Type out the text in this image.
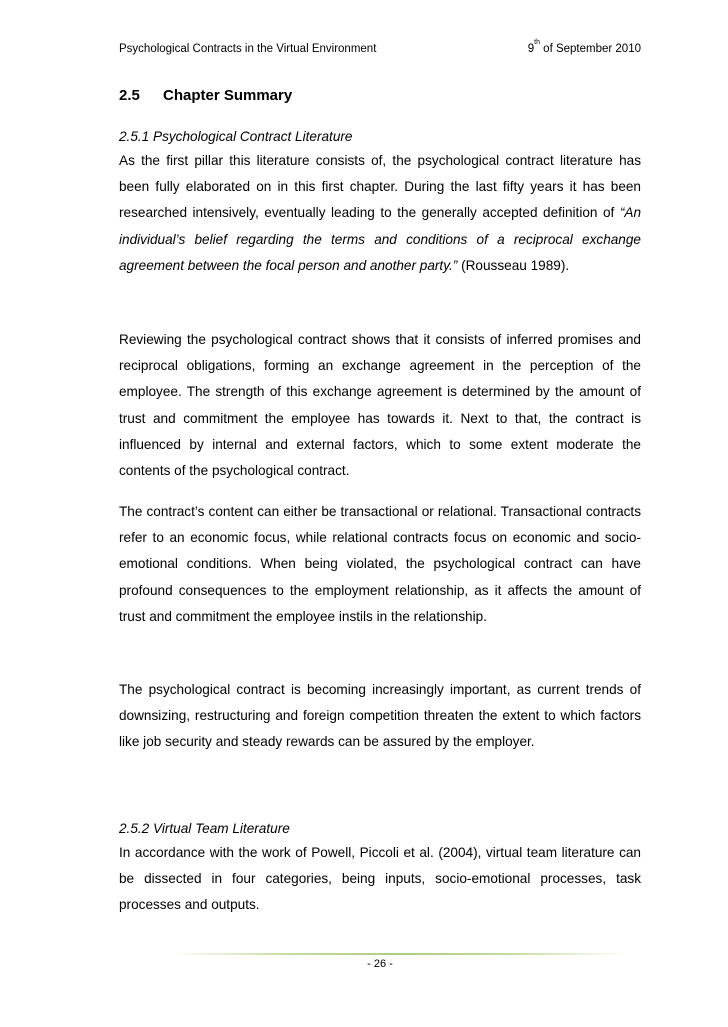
Psychological Contracts in the Virtual Environment	9th of September 2010
2.5 Chapter Summary
2.5.1 Psychological Contract Literature

As the first pillar this literature consists of, the psychological contract literature has been fully elaborated on in this first chapter. During the last fifty years it has been researched intensively, eventually leading to the generally accepted definition of “An individual’s belief regarding the terms and conditions of a reciprocal exchange agreement between the focal person and another party.” (Rousseau 1989).

Reviewing the psychological contract shows that it consists of inferred promises and reciprocal obligations, forming an exchange agreement in the perception of the employee. The strength of this exchange agreement is determined by the amount of trust and commitment the employee has towards it. Next to that, the contract is influenced by internal and external factors, which to some extent moderate the contents of the psychological contract.

The contract’s content can either be transactional or relational. Transactional contracts refer to an economic focus, while relational contracts focus on economic and socio-emotional conditions. When being violated, the psychological contract can have profound consequences to the employment relationship, as it affects the amount of trust and commitment the employee instils in the relationship.

The psychological contract is becoming increasingly important, as current trends of downsizing, restructuring and foreign competition threaten the extent to which factors like job security and steady rewards can be assured by the employer.

2.5.2 Virtual Team Literature

In accordance with the work of Powell, Piccoli et al. (2004), virtual team literature can be dissected in four categories, being inputs, socio-emotional processes, task processes and outputs.

- 26 -
